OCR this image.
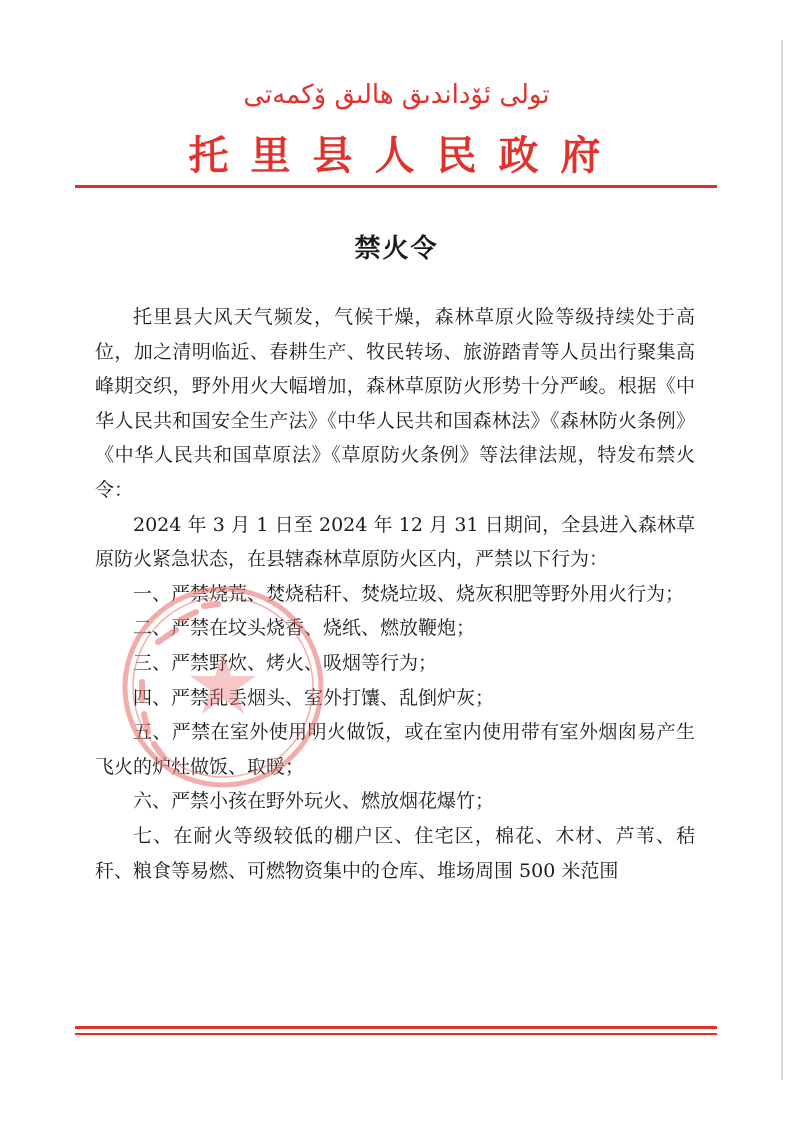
تولى ئۆداندىق ھالىق ۆكمەتى
托里县人民政府
禁火令

托里县大风天气频发，气候干燥，森林草原火险等级持续处于高位，加之清明临近、春耕生产、牧民转场、旅游踏青等人员出行聚集高峰期交织，野外用火大幅增加，森林草原防火形势十分严峻。根据《中华人民共和国安全生产法》《中华人民共和国森林法》《森林防火条例》《中华人民共和国草原法》《草原防火条例》等法律法规，特发布禁火令：

2024 年 3 月 1 日至 2024 年 12 月 31 日期间，全县进入森林草原防火紧急状态，在县辖森林草原防火区内，严禁以下行为：

一、严禁烧荒、焚烧秸秆、焚烧垃圾、烧灰积肥等野外用火行为；

二、严禁在坟头烧香、烧纸、燃放鞭炮；

三、严禁野炊、烤火、吸烟等行为；

四、严禁乱丢烟头、室外打馕、乱倒炉灰；

五、严禁在室外使用明火做饭，或在室内使用带有室外烟囱易产生飞火的炉灶做饭、取暖；

六、严禁小孩在野外玩火、燃放烟花爆竹；

七、在耐火等级较低的棚户区、住宅区，棉花、木材、芦苇、秸秆、粮食等易燃、可燃物资集中的仓库、堆场周围 500 米范围
